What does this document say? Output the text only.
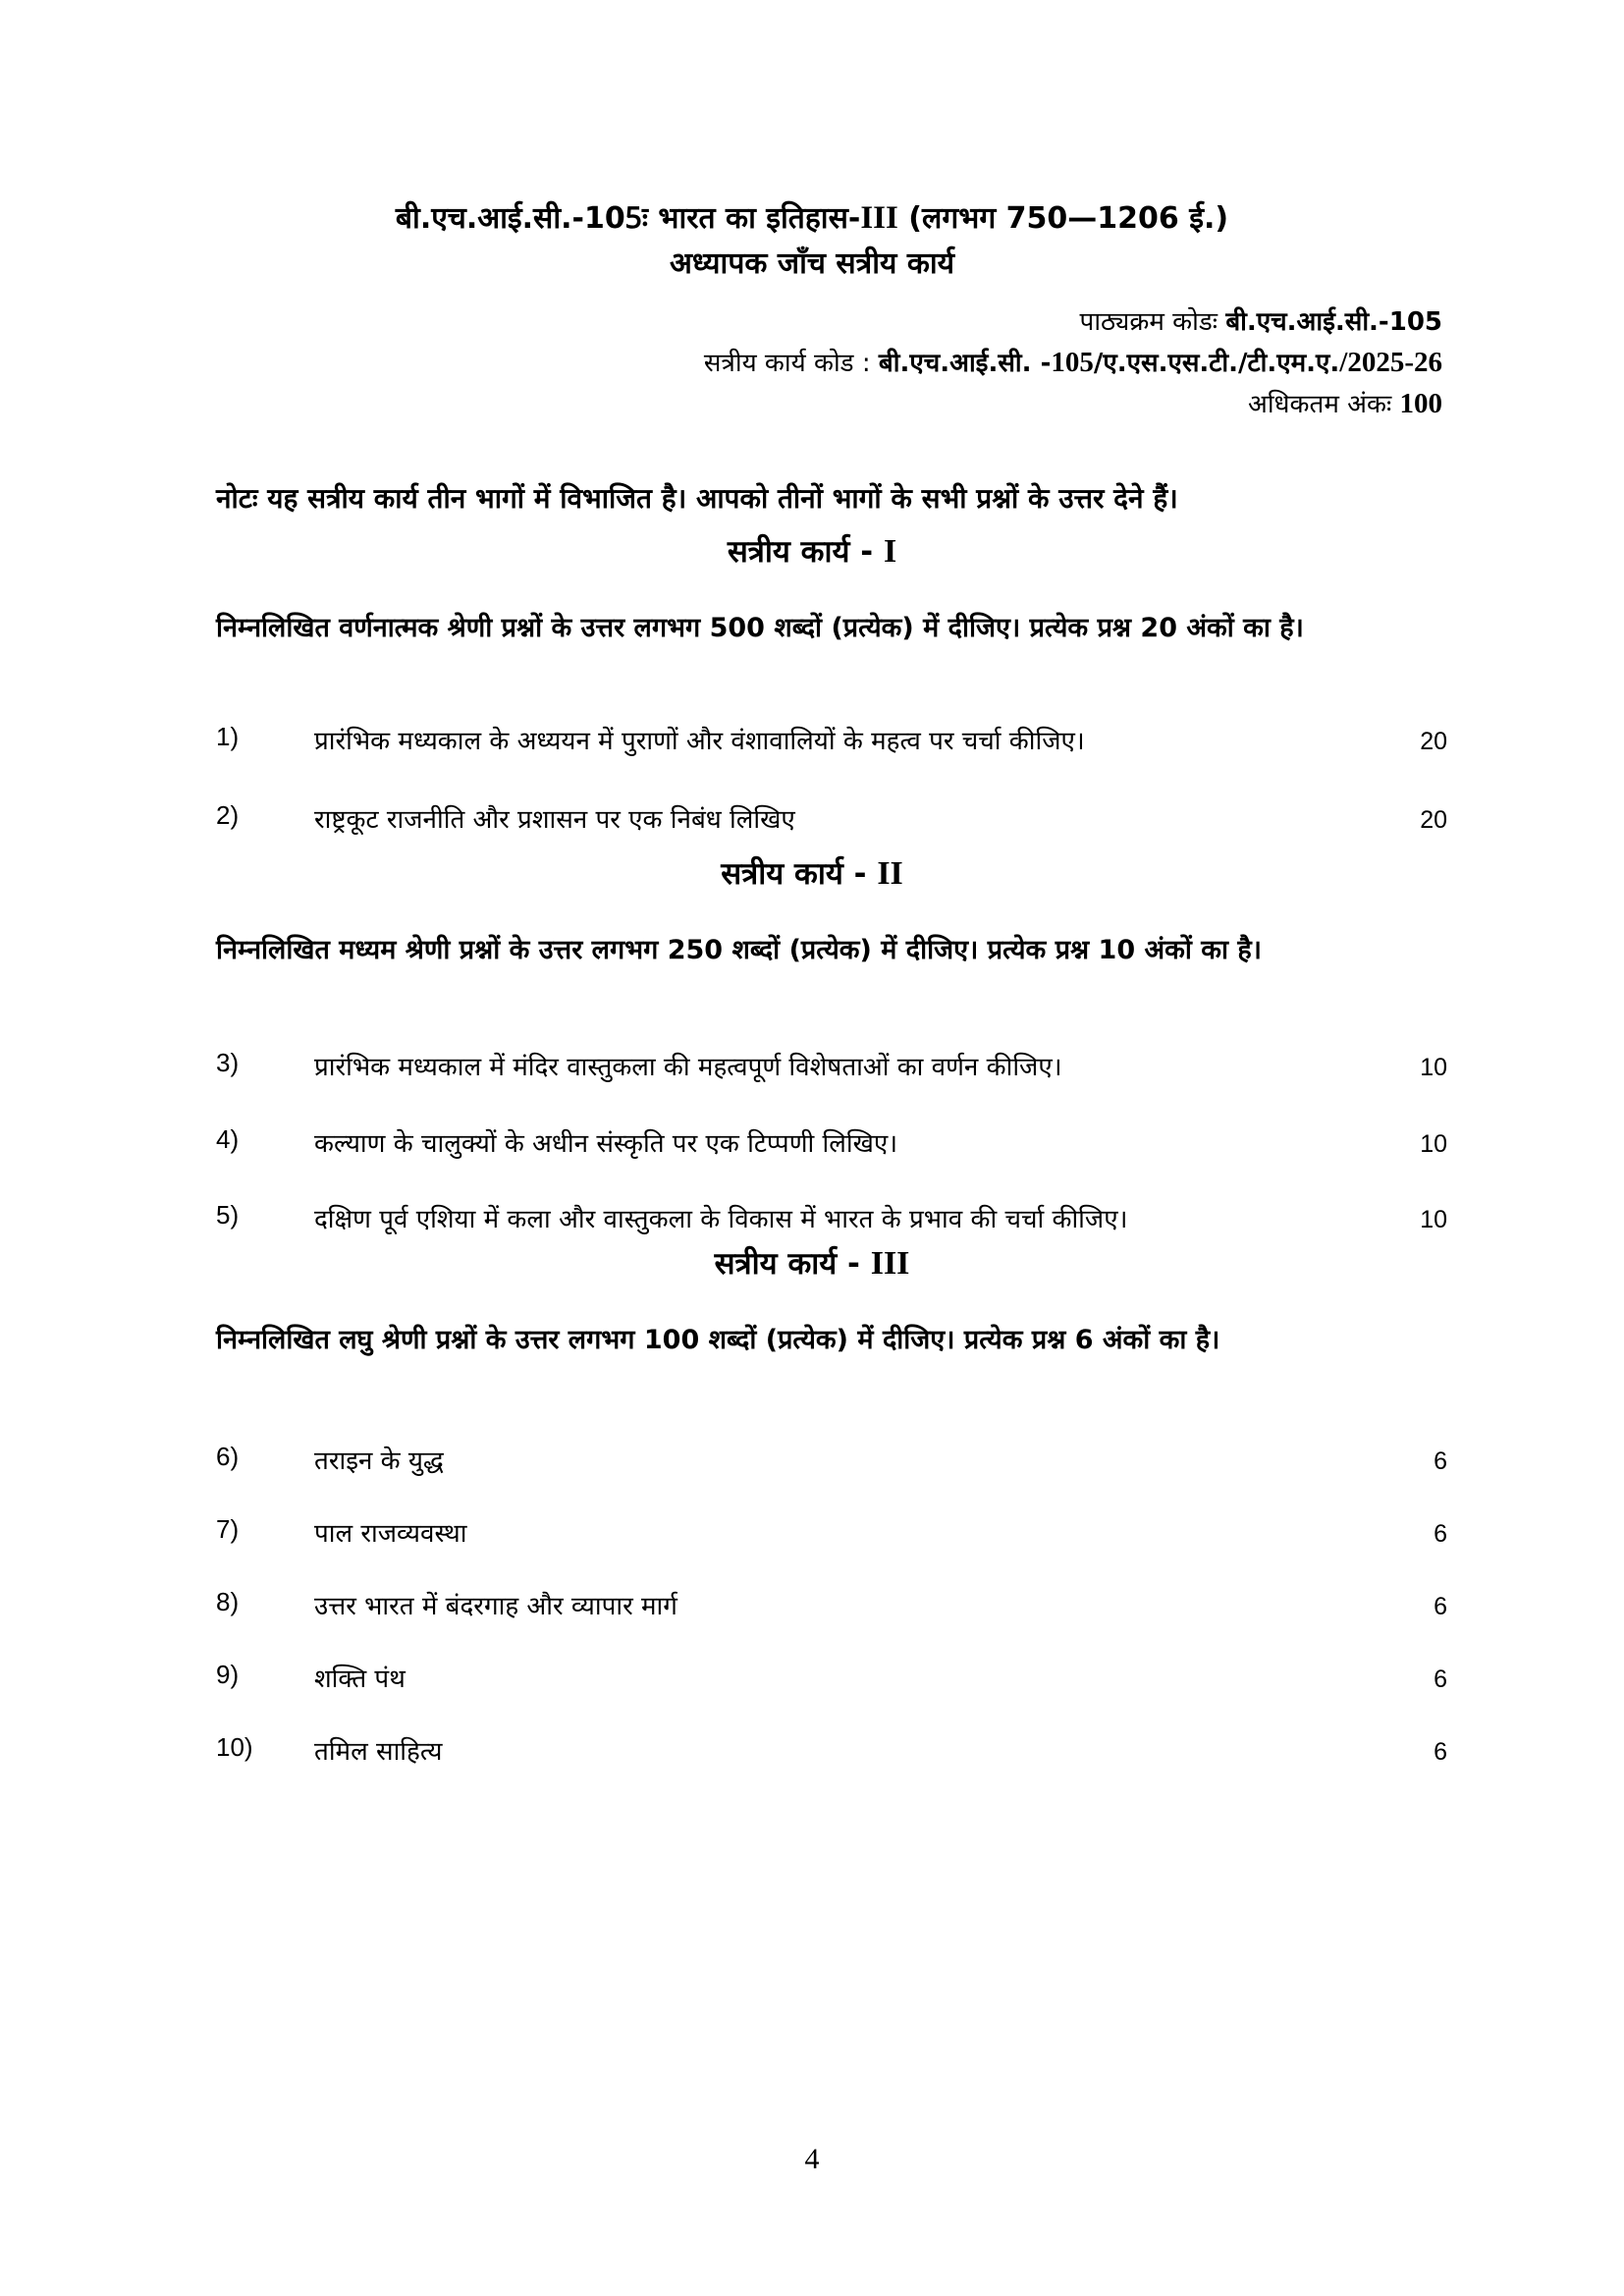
बी.एच.आई.सी.-105ः भारत का इतिहास-III (लगभग 750—1206 ई.)
अध्यापक जाँच सत्रीय कार्य
पाठ्यक्रम कोडः बी.एच.आई.सी.-105
सत्रीय कार्य कोड : बी.एच.आई.सी. -105/ए.एस.एस.टी./टी.एम.ए./2025-26
अधिकतम अंकः 100
नोटः यह सत्रीय कार्य तीन भागों में विभाजित है। आपको तीनों भागों के सभी प्रश्नों के उत्तर देने हैं।
सत्रीय कार्य - I
निम्नलिखित वर्णनात्मक श्रेणी प्रश्नों के उत्तर लगभग 500 शब्दों (प्रत्येक) में दीजिए। प्रत्येक प्रश्न 20 अंकों का है।
1)	प्रारंभिक मध्यकाल के अध्ययन में पुराणों और वंशावालियों के महत्व पर चर्चा कीजिए।	20
2)	राष्ट्रकूट राजनीति और प्रशासन पर एक निबंध लिखिए	20
सत्रीय कार्य - II
निम्नलिखित मध्यम श्रेणी प्रश्नों के उत्तर लगभग 250 शब्दों (प्रत्येक) में दीजिए। प्रत्येक प्रश्न 10 अंकों का है।
3)	प्रारंभिक मध्यकाल में मंदिर वास्तुकला की महत्वपूर्ण विशेषताओं का वर्णन कीजिए।	10
4)	कल्याण के चालुक्यों के अधीन संस्कृति पर एक टिप्पणी लिखिए।	10
5)	दक्षिण पूर्व एशिया में कला और वास्तुकला के विकास में भारत के प्रभाव की चर्चा कीजिए।	10
सत्रीय कार्य - III
निम्नलिखित लघु श्रेणी प्रश्नों के उत्तर लगभग 100 शब्दों (प्रत्येक) में दीजिए। प्रत्येक प्रश्न 6 अंकों का है।
6)	तराइन के युद्ध	6
7)	पाल राजव्यवस्था	6
8)	उत्तर भारत में बंदरगाह और व्यापार मार्ग	6
9)	शक्ति पंथ	6
10) तमिल साहित्य	6
4
